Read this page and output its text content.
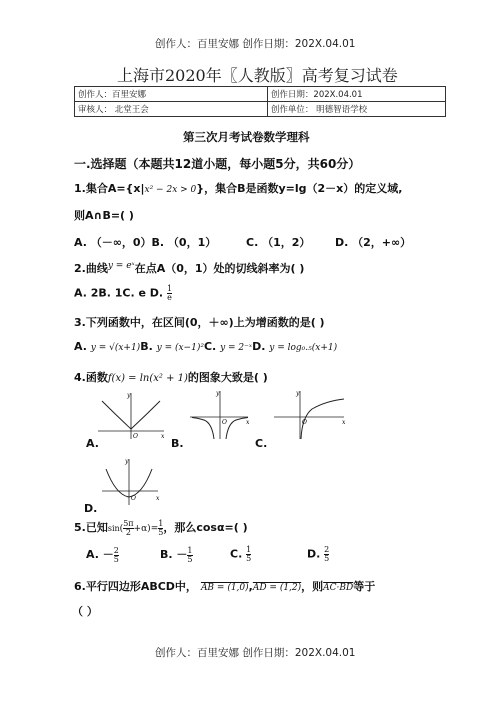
创作人：百里安娜 创作日期：202X.04.01
上海市2020年〖人教版〗高考复习试卷
创作人：百里安娜	创作日期：202X.04.01
审核人： 北堂王会	创作单位： 明德智语学校
第三次月考试卷数学理科
一.选择题（本题共12道小题，每小题5分，共60分）
1.集合A={x|x² − 2x > 0}，集合B是函数y=lg（2－x）的定义域,
则A∩B=( )
A. （－∞，0）B. （0，1）	C. （1，2） D. （2，+∞）
2.曲线$^{y = eˣ}$在点A（0，1）处的切线斜率为( )
A. 2B. 1C. e D. $\frac{1}{e}$
3.下列函数中，在区间(0，＋∞)上为增函数的是( )
A. y = √(x+1)B. y = (x−1)²C. y = 2⁻ˣD. y = log₀.₅(x+1)
4.函数f(x) = ln(x² + 1)的图象大致是( )
y
x
O
y
x
O
y
x
O
y
x
O
A.	B.	C.
D.
5.已知$\sin( \frac{5\pi}{2} +\alpha)= \frac{1}{5}$ ，那么cosα=( )
A. － $\frac{2}{5}$	B. － $\frac{1}{5}$	C. $\frac{1}{5}$	D. $\frac{2}{5}$
6.平行四边形ABCD中， AB = (1,0),AD = (1,2)，则AC·BD等于
（ ）
创作人：百里安娜 创作日期：202X.04.01
